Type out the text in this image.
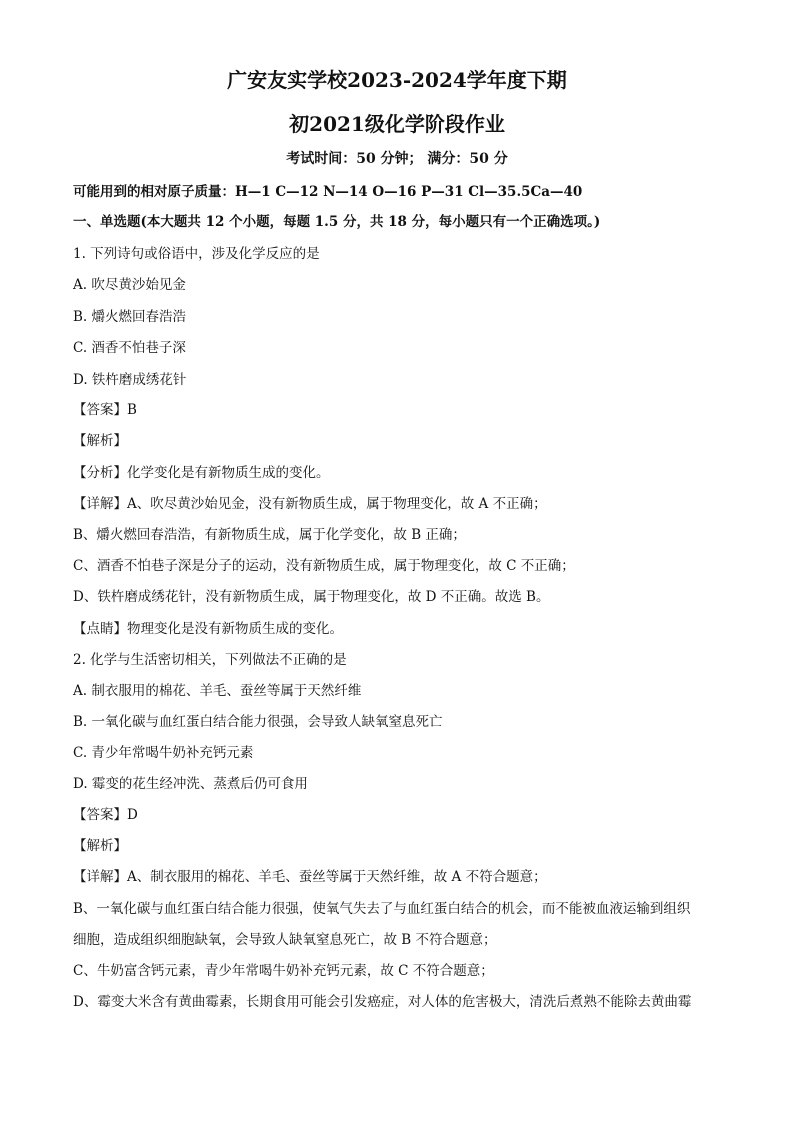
广安友实学校2023-2024学年度下期
初2021级化学阶段作业
考试时间：50 分钟； 满分：50 分
可能用到的相对原子质量：H—1 C—12 N—14 O—16 P—31 Cl—35.5Ca—40
一、单选题(本大题共 12 个小题，每题 1.5 分，共 18 分，每小题只有一个正确选项。)
1. 下列诗句或俗语中，涉及化学反应的是
A. 吹尽黄沙始见金
B. 爝火燃回春浩浩
C. 酒香不怕巷子深
D. 铁杵磨成绣花针
【答案】B
【解析】
【分析】化学变化是有新物质生成的变化。
【详解】A、吹尽黄沙始见金，没有新物质生成，属于物理变化，故 A 不正确；
B、爝火燃回春浩浩，有新物质生成，属于化学变化，故 B 正确；
C、酒香不怕巷子深是分子的运动，没有新物质生成，属于物理变化，故 C 不正确；
D、铁杵磨成绣花针，没有新物质生成，属于物理变化，故 D 不正确。故选 B。
【点睛】物理变化是没有新物质生成的变化。
2. 化学与生活密切相关，下列做法不正确的是
A. 制衣服用的棉花、羊毛、蚕丝等属于天然纤维
B. 一氧化碳与血红蛋白结合能力很强，会导致人缺氧窒息死亡
C. 青少年常喝牛奶补充钙元素
D. 霉变的花生经冲洗、蒸煮后仍可食用
【答案】D
【解析】
【详解】A、制衣服用的棉花、羊毛、蚕丝等属于天然纤维，故 A 不符合题意；
B、一氧化碳与血红蛋白结合能力很强，使氧气失去了与血红蛋白结合的机会，而不能被血液运输到组织
细胞，造成组织细胞缺氧，会导致人缺氧窒息死亡，故 B 不符合题意；
C、牛奶富含钙元素，青少年常喝牛奶补充钙元素，故 C 不符合题意；
D、霉变大米含有黄曲霉素，长期食用可能会引发癌症，对人体的危害极大，清洗后煮熟不能除去黄曲霉
